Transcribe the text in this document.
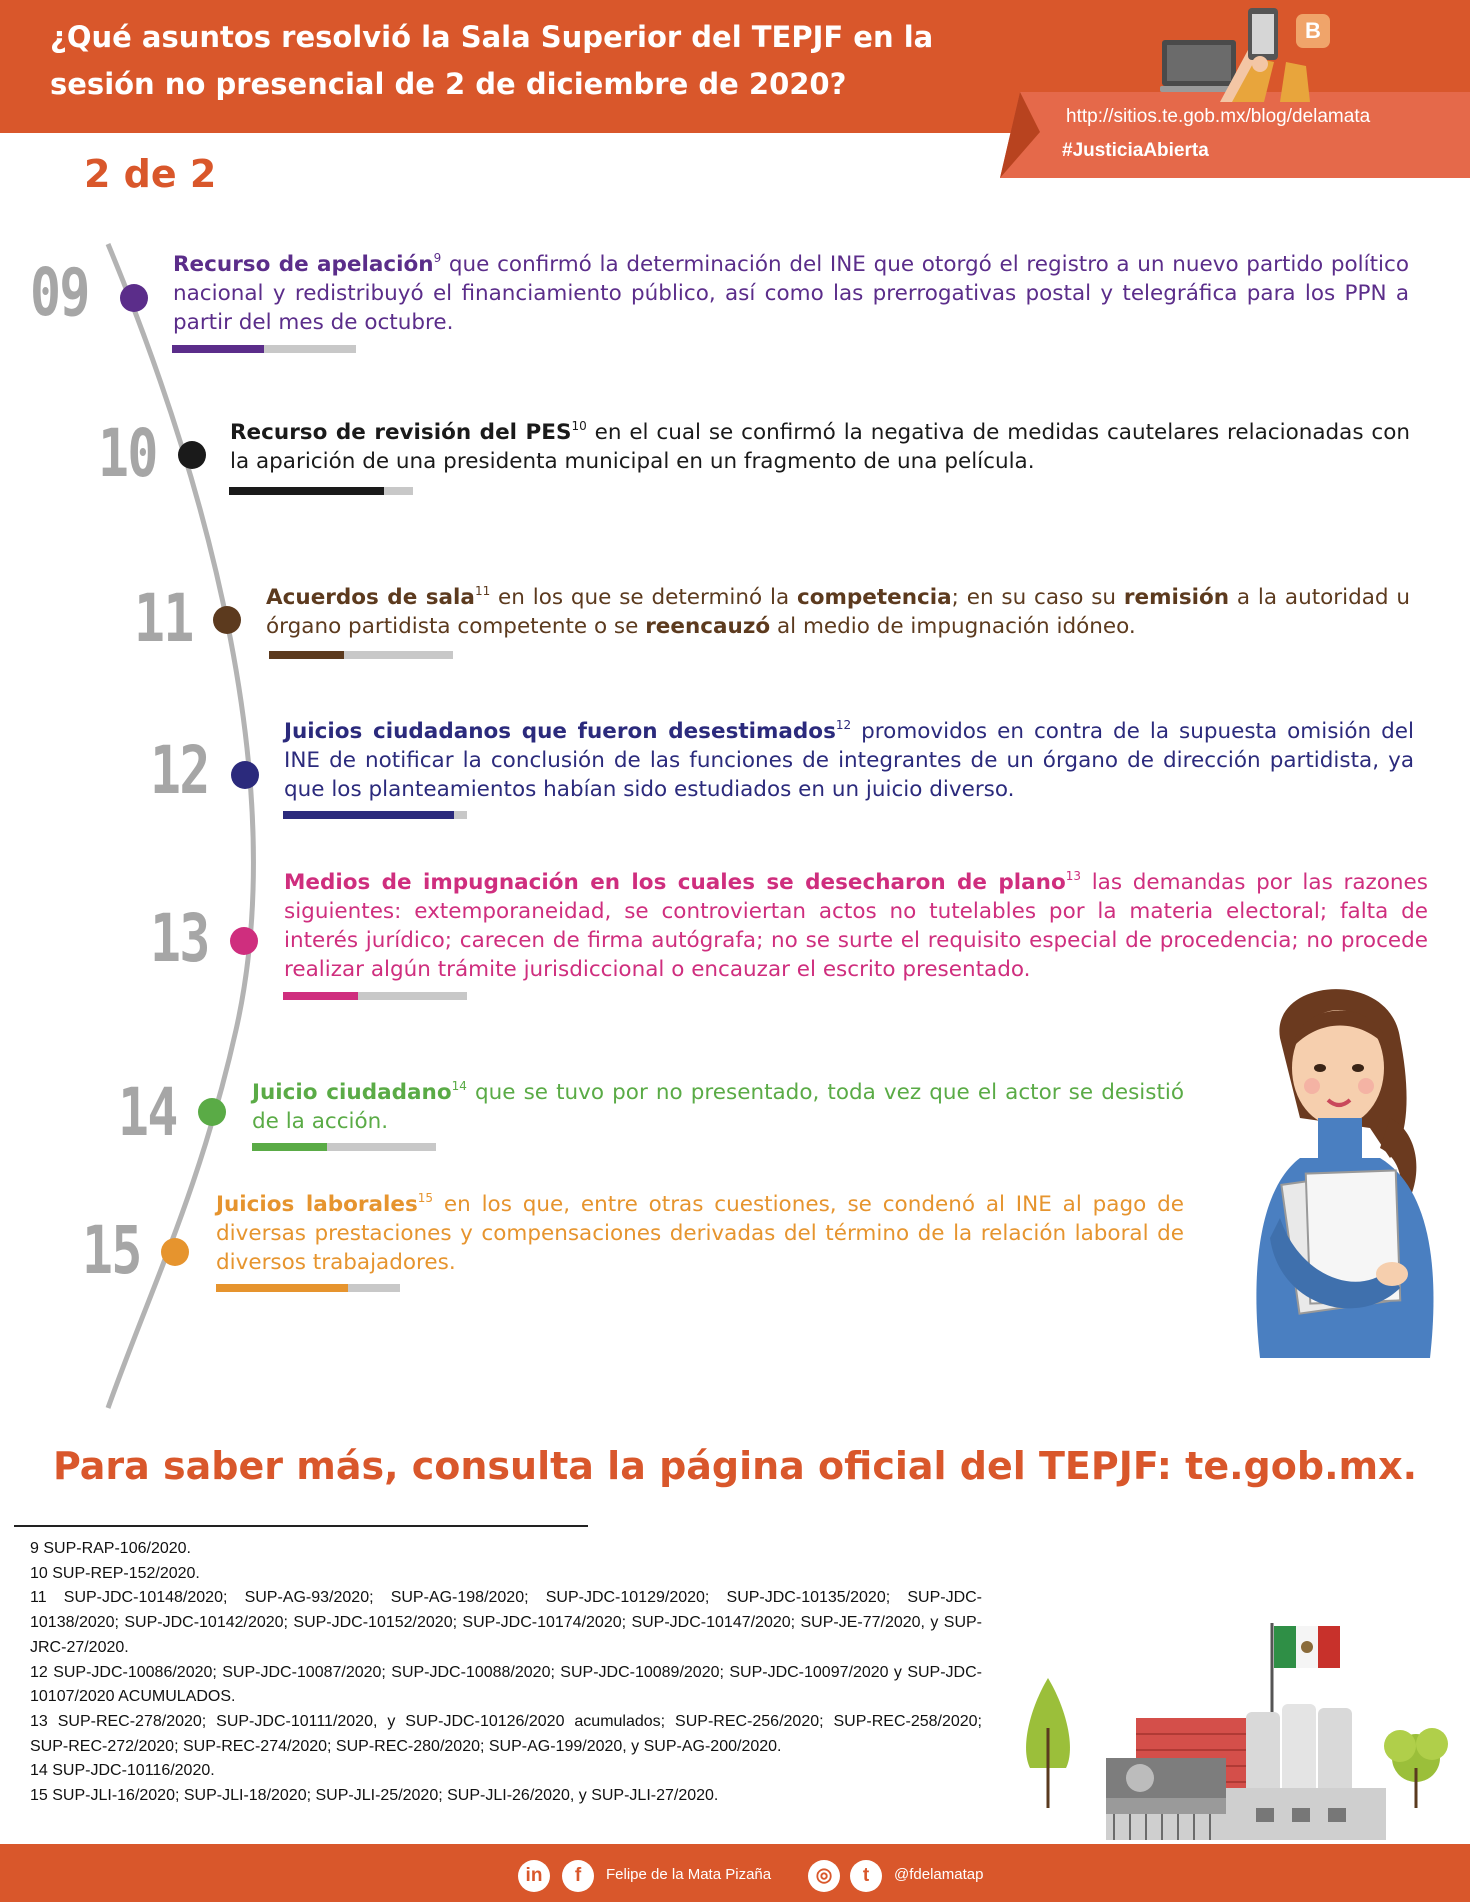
¿Qué asuntos resolvió la Sala Superior del TEPJF en la sesión no presencial de 2 de diciembre de 2020?
B
http://sitios.te.gob.mx/blog/delamata
#JusticiaAbierta
2 de 2
09	Recurso de apelación$^9$ que confirmó la determinación del INE que otorgó el registro a un nuevo partido político nacional y redistribuyó el financiamiento público, así como las prerrogativas postal y telegráfica para los PPN a partir del mes de octubre.
10	Recurso de revisión del PES$^{10}$ en el cual se confirmó la negativa de medidas cautelares relacionadas con la aparición de una presidenta municipal en un fragmento de una película.
11	Acuerdos de sala$^{11}$ en los que se determinó la competencia; en su caso su remisión a la autoridad u órgano partidista competente o se reencauzó al medio de impugnación idóneo.
12
Juicios ciudadanos que fueron desestimados$^{12}$ promovidos en contra de la supuesta omisión del INE de notificar la conclusión de las funciones de integrantes de un órgano de dirección partidista, ya que los planteamientos habían sido estudiados en un juicio diverso.
13
Medios de impugnación en los cuales se desecharon de plano$^{13}$ las demandas por las razones siguientes: extemporaneidad, se controviertan actos no tutelables por la materia electoral; falta de interés jurídico; carecen de firma autógrafa; no se surte el requisito especial de procedencia; no procede realizar algún trámite jurisdiccional o encauzar el escrito presentado.
14	Juicio ciudadano$^{14}$ que se tuvo por no presentado, toda vez que el actor se desistió de la acción.
15
Juicios laborales$^{15}$ en los que, entre otras cuestiones, se condenó al INE al pago de diversas prestaciones y compensaciones derivadas del término de la relación laboral de diversos trabajadores.
Para saber más, consulta la página oficial del TEPJF: te.gob.mx.
9 SUP-RAP-106/2020.
10 SUP-REP-152/2020.
11 SUP-JDC-10148/2020; SUP-AG-93/2020; SUP-AG-198/2020; SUP-JDC-10129/2020; SUP-JDC-10135/2020; SUP-JDC-10138/2020; SUP-JDC-10142/2020; SUP-JDC-10152/2020; SUP-JDC-10174/2020; SUP-JDC-10147/2020; SUP-JE-77/2020, y SUP-JRC-27/2020.
12 SUP-JDC-10086/2020; SUP-JDC-10087/2020; SUP-JDC-10088/2020; SUP-JDC-10089/2020; SUP-JDC-10097/2020 y SUP-JDC-10107/2020 ACUMULADOS.
13 SUP-REC-278/2020; SUP-JDC-10111/2020, y SUP-JDC-10126/2020 acumulados; SUP-REC-256/2020; SUP-REC-258/2020; SUP-REC-272/2020; SUP-REC-274/2020; SUP-REC-280/2020; SUP-AG-199/2020, y SUP-AG-200/2020.
14 SUP-JDC-10116/2020.
15 SUP-JLI-16/2020; SUP-JLI-18/2020; SUP-JLI-25/2020; SUP-JLI-26/2020, y SUP-JLI-27/2020.
in	f	Felipe de la Mata Pizaña	◎	t	@fdelamatap
